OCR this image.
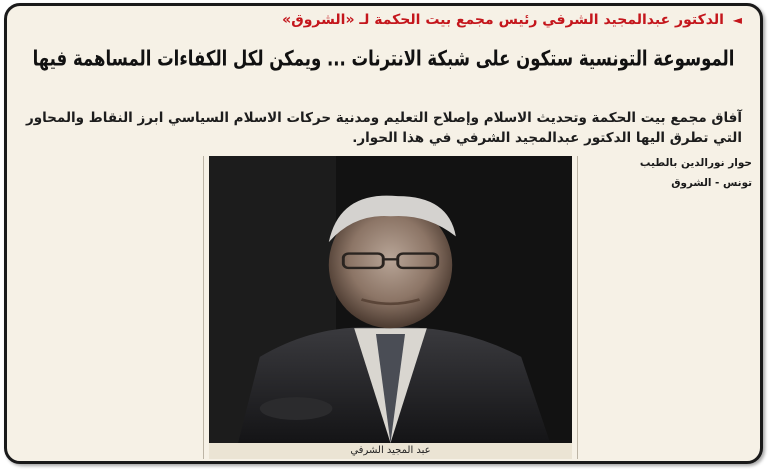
◄ الدكتور عبدالمجيد الشرفي رئيس مجمع بيت الحكمة لـ «الشروق»
الموسوعة التونسية ستكون على شبكة الانترنات ... ويمكن لكل الكفاءات المساهمة فيها
آفاق مجمع بيت الحكمة وتحديث الاسلام وإصلاح التعليم ومدنية حركات الاسلام السياسي ابرز النقاط والمحاور التي تطرق اليها الدكتور عبدالمجيد الشرفي في هذا الحوار.
حوار نورالدين بالطيب
تونس - الشروق
عبد المجيد الشرفي
